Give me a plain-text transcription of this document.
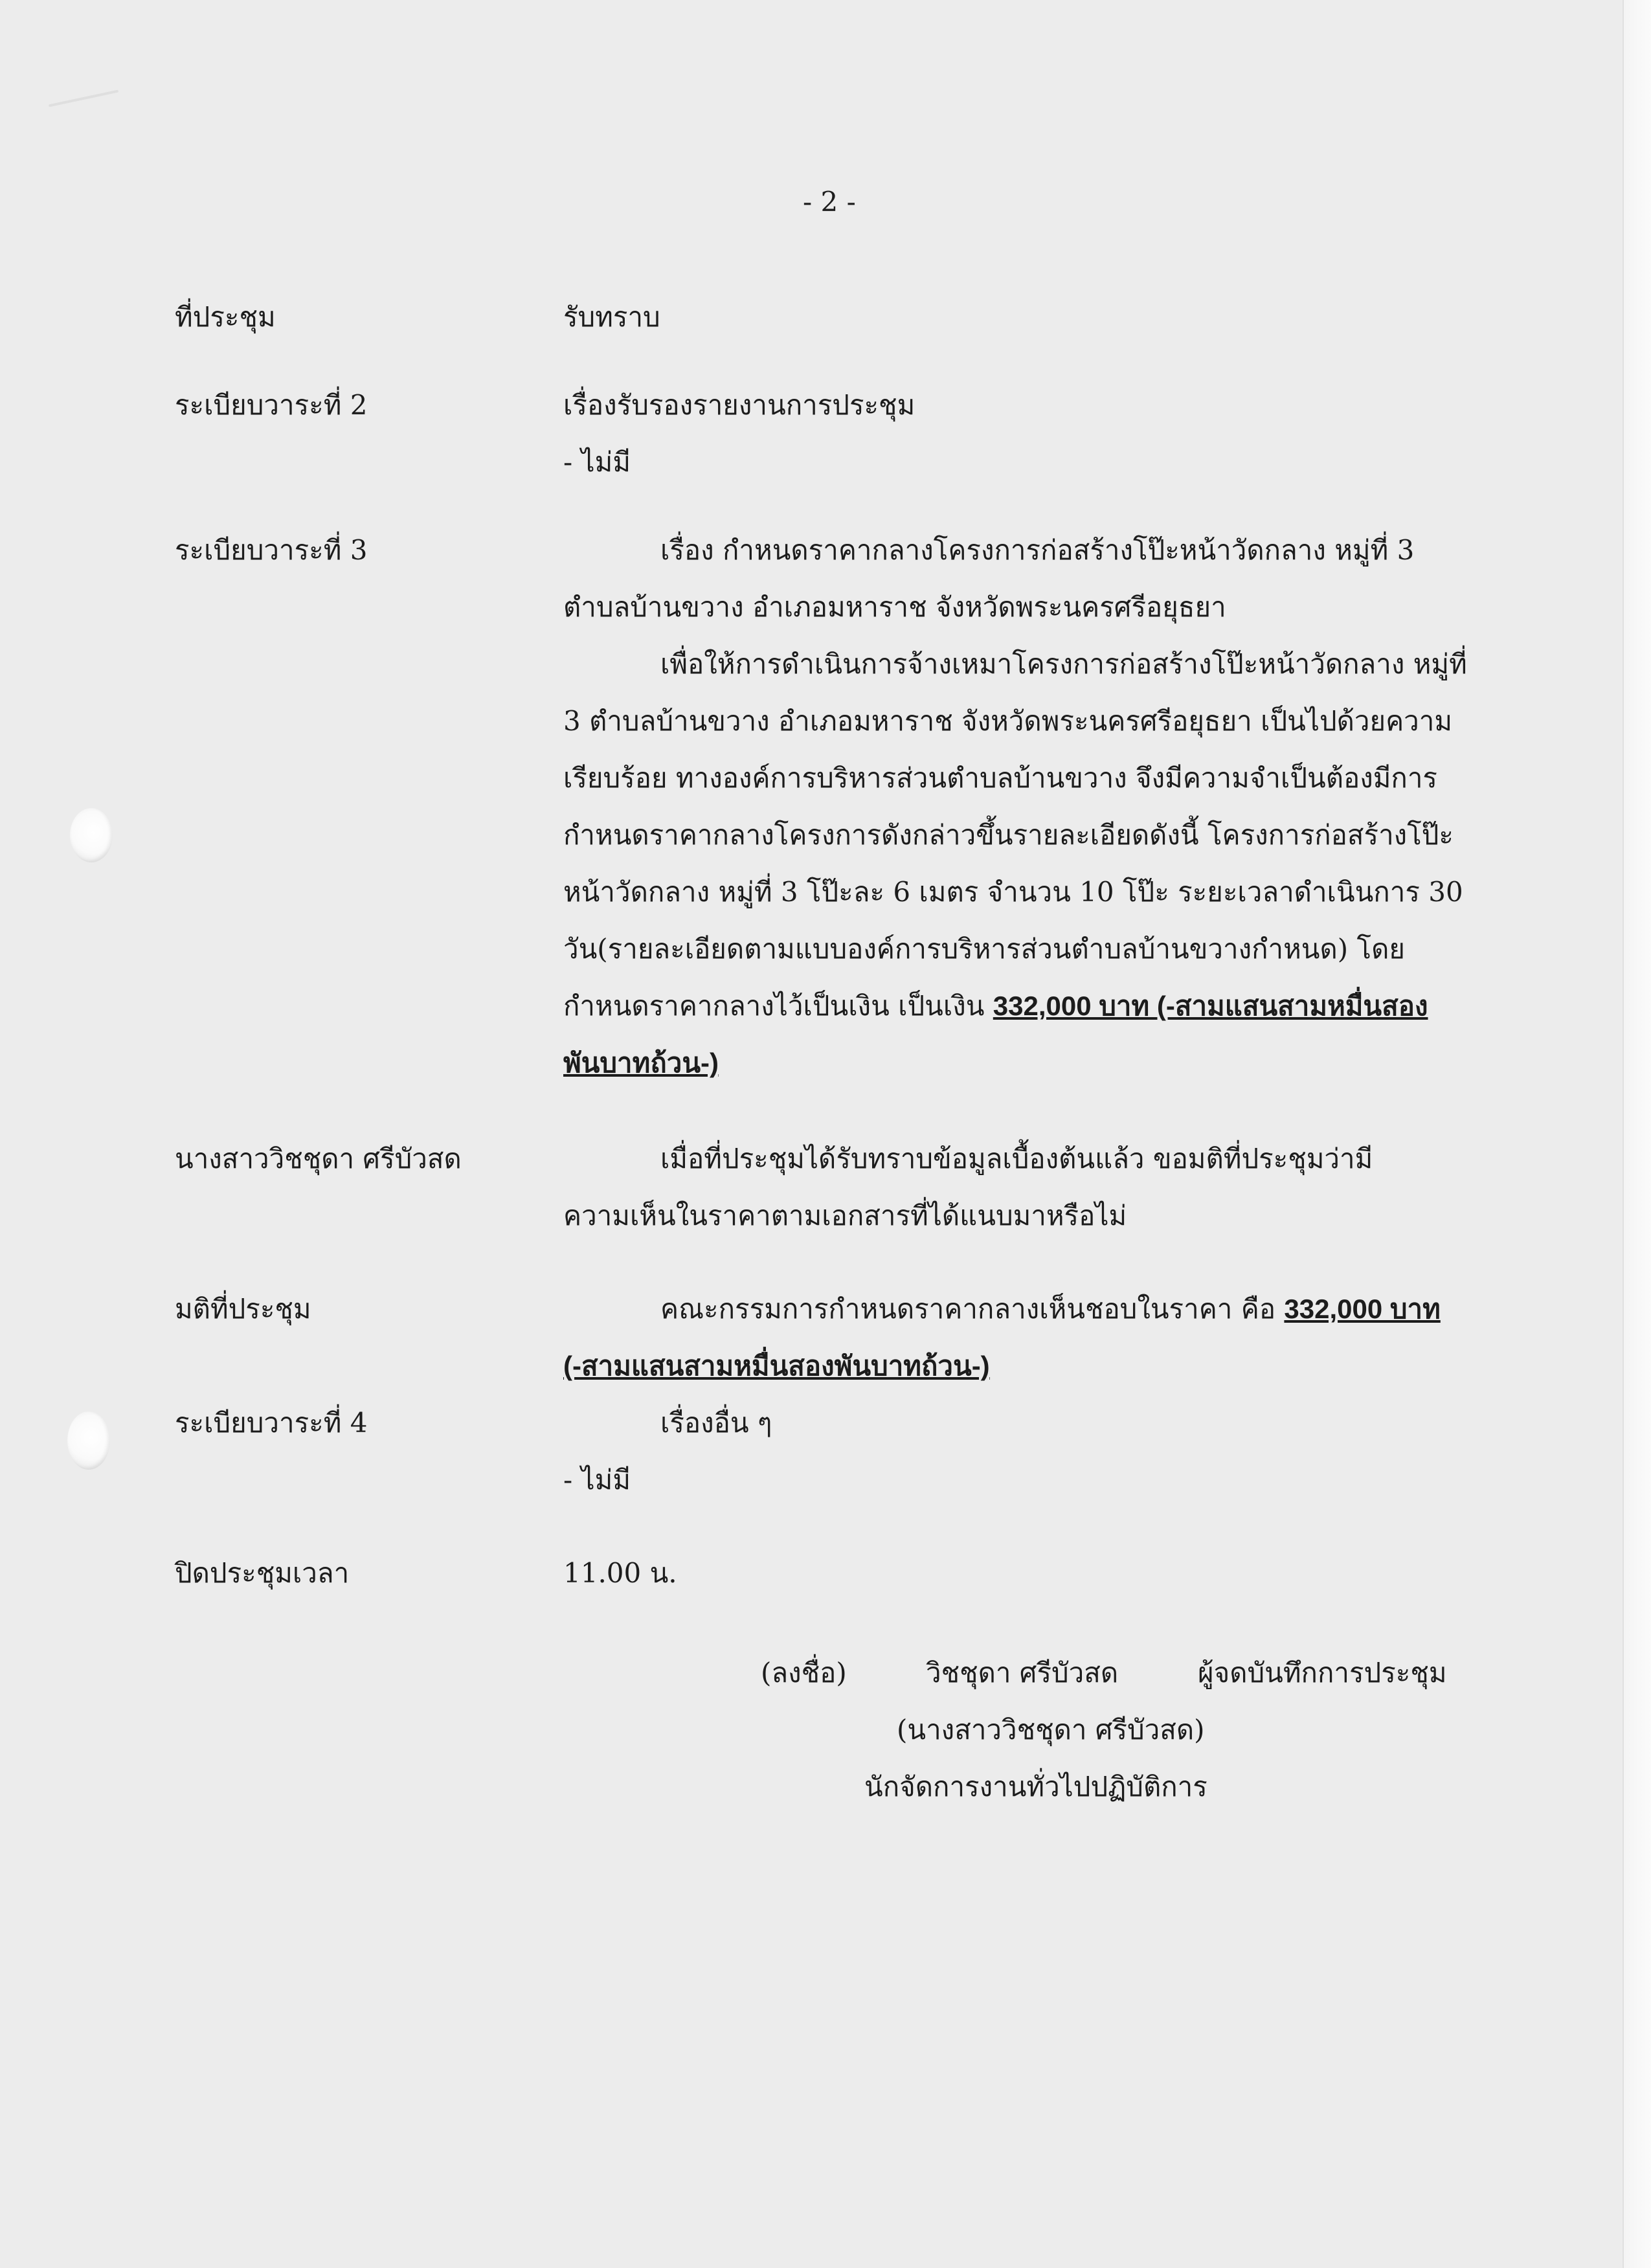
- 2 -
ที่ประชุม	รับทราบ
ระเบียบวาระที่ 2	เรื่องรับรองรายงานการประชุม
- ไม่มี
ระเบียบวาระที่ 3	เรื่อง กำหนดราคากลางโครงการก่อสร้างโป๊ะหน้าวัดกลาง หมู่ที่ 3
ตำบลบ้านขวาง อำเภอมหาราช จังหวัดพระนครศรีอยุธยา
เพื่อให้การดำเนินการจ้างเหมาโครงการก่อสร้างโป๊ะหน้าวัดกลาง หมู่ที่
3 ตำบลบ้านขวาง อำเภอมหาราช จังหวัดพระนครศรีอยุธยา เป็นไปด้วยความ
เรียบร้อย ทางองค์การบริหารส่วนตำบลบ้านขวาง จึงมีความจำเป็นต้องมีการ
กำหนดราคากลางโครงการดังกล่าวขึ้นรายละเอียดดังนี้ โครงการก่อสร้างโป๊ะ
หน้าวัดกลาง หมู่ที่ 3 โป๊ะละ 6 เมตร จำนวน 10 โป๊ะ ระยะเวลาดำเนินการ 30
วัน(รายละเอียดตามแบบองค์การบริหารส่วนตำบลบ้านขวางกำหนด) โดย
กำหนดราคากลางไว้เป็นเงิน เป็นเงิน 332,000 บาท (-สามแสนสามหมื่นสอง
พันบาทถ้วน-)
นางสาววิชชุดา ศรีบัวสด	เมื่อที่ประชุมได้รับทราบข้อมูลเบื้องต้นแล้ว ขอมติที่ประชุมว่ามี
ความเห็นในราคาตามเอกสารที่ได้แนบมาหรือไม่
มติที่ประชุม	คณะกรรมการกำหนดราคากลางเห็นชอบในราคา คือ 332,000 บาท
(-สามแสนสามหมื่นสองพันบาทถ้วน-)
ระเบียบวาระที่ 4	เรื่องอื่น ๆ
- ไม่มี
ปิดประชุมเวลา	11.00 น.
(ลงชื่อ)	วิชชุดา ศรีบัวสด	ผู้จดบันทึกการประชุม
(นางสาววิชชุดา ศรีบัวสด)
นักจัดการงานทั่วไปปฏิบัติการ
